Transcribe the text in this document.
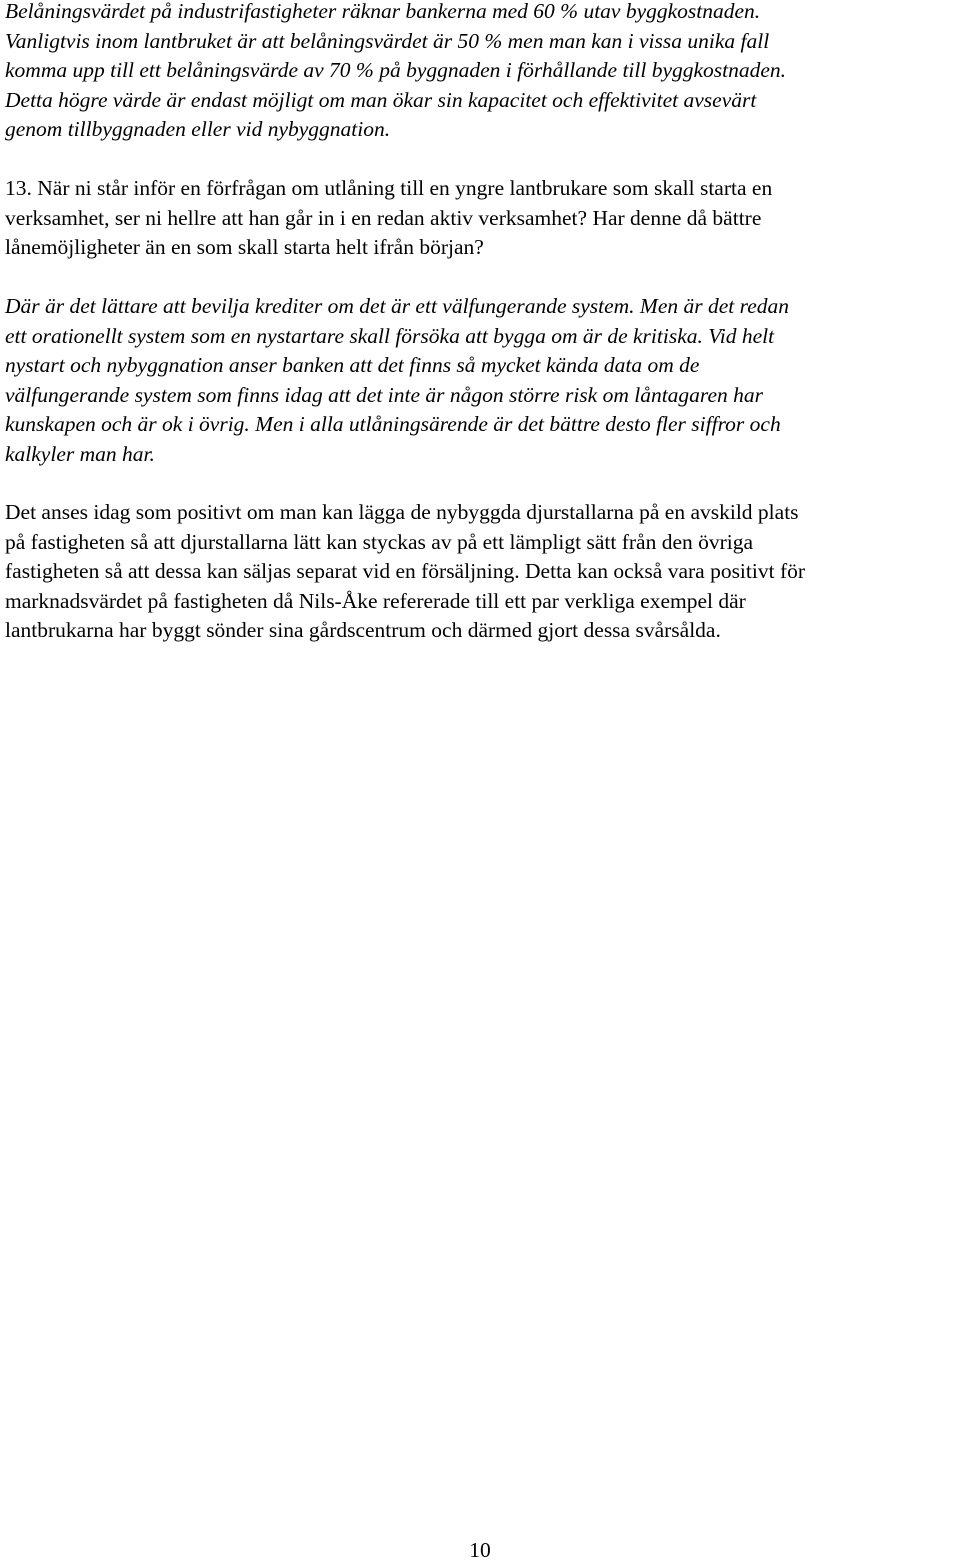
Belåningsvärdet på industrifastigheter räknar bankerna med 60 % utav byggkostnaden.
Vanligtvis inom lantbruket är att belåningsvärdet är 50 % men man kan i vissa unika fall
komma upp till ett belåningsvärde av 70 % på byggnaden i förhållande till byggkostnaden.
Detta högre värde är endast möjligt om man ökar sin kapacitet och effektivitet avsevärt
genom tillbyggnaden eller vid nybyggnation.

13. När ni står inför en förfrågan om utlåning till en yngre lantbrukare som skall starta en
verksamhet, ser ni hellre att han går in i en redan aktiv verksamhet? Har denne då bättre
lånemöjligheter än en som skall starta helt ifrån början?

Där är det lättare att bevilja krediter om det är ett välfungerande system. Men är det redan
ett orationellt system som en nystartare skall försöka att bygga om är de kritiska. Vid helt
nystart och nybyggnation anser banken att det finns så mycket kända data om de
välfungerande system som finns idag att det inte är någon större risk om låntagaren har
kunskapen och är ok i övrig. Men i alla utlåningsärende är det bättre desto fler siffror och
kalkyler man har.

Det anses idag som positivt om man kan lägga de nybyggda djurstallarna på en avskild plats
på fastigheten så att djurstallarna lätt kan styckas av på ett lämpligt sätt från den övriga
fastigheten så att dessa kan säljas separat vid en försäljning. Detta kan också vara positivt för
marknadsvärdet på fastigheten då Nils-Åke refererade till ett par verkliga exempel där
lantbrukarna har byggt sönder sina gårdscentrum och därmed gjort dessa svårsålda.

10
